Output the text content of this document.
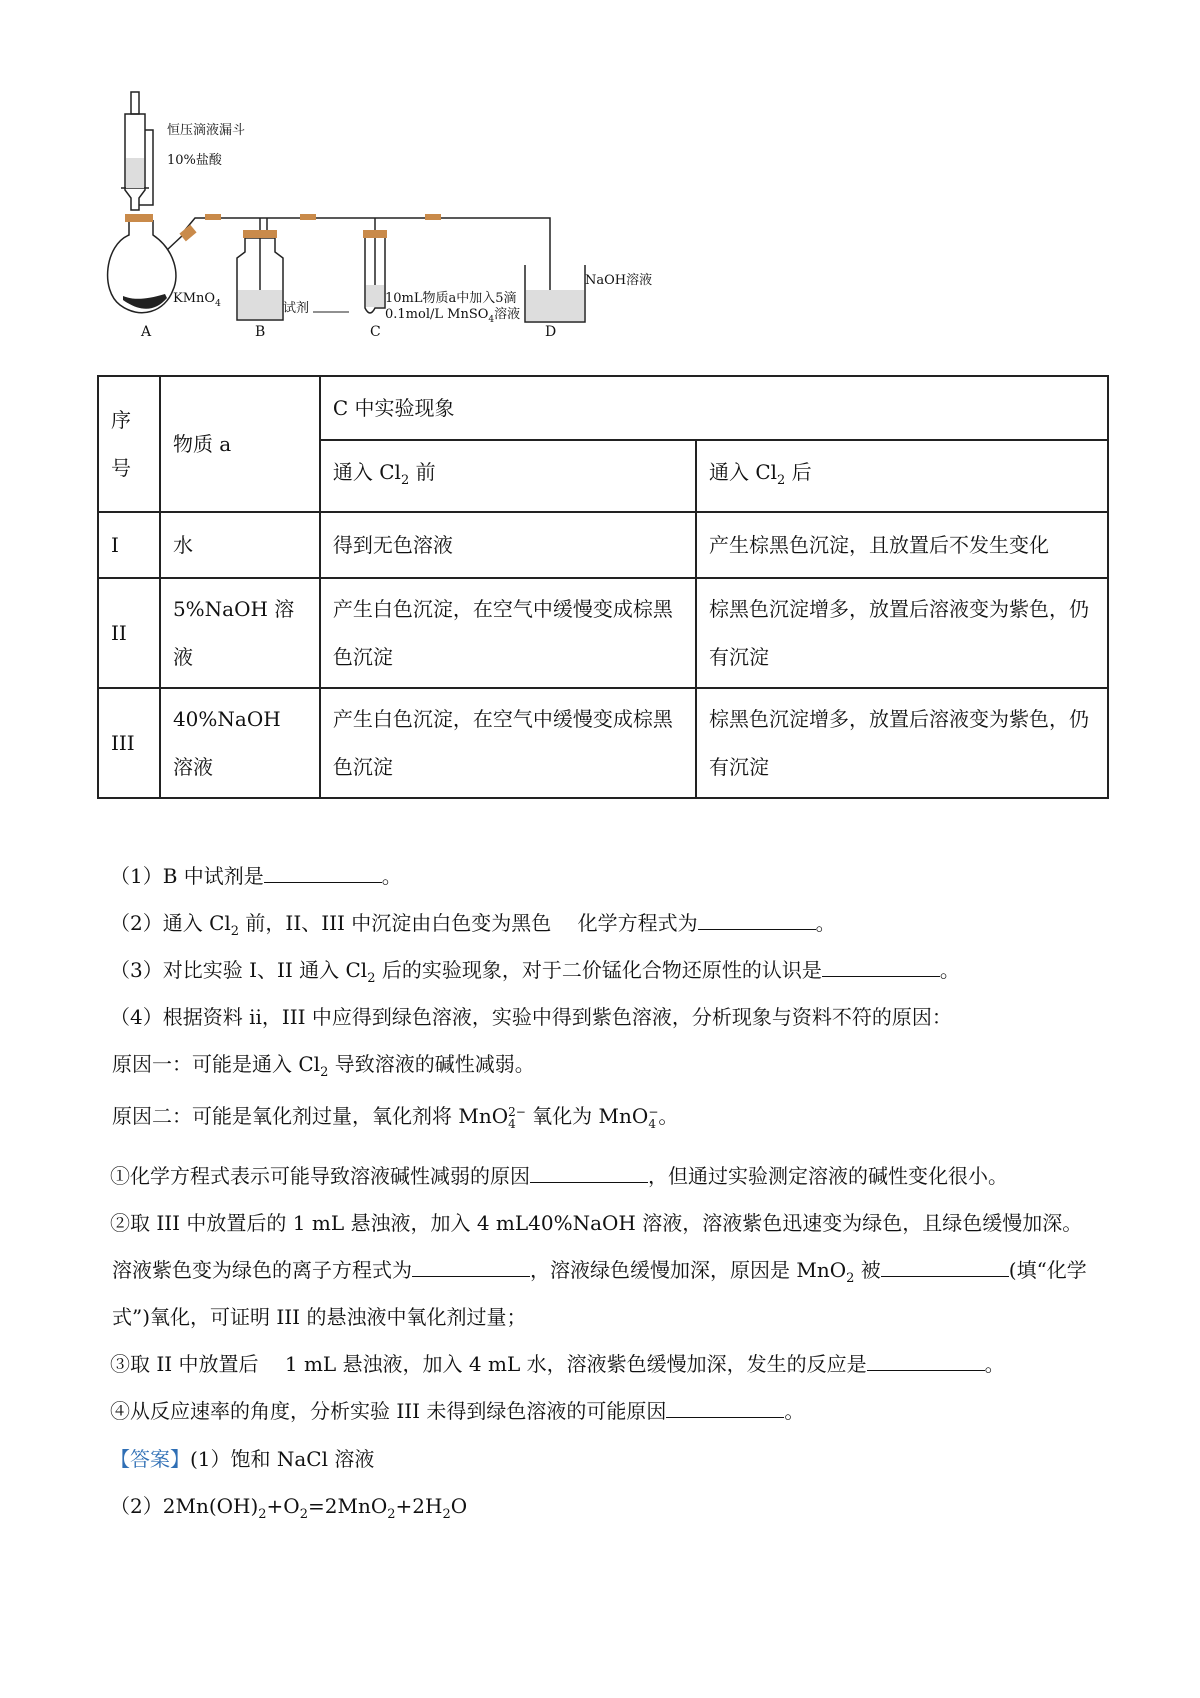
恒压滴液漏斗
10%盐酸
KMnO$_4$	试剂
10mL物质a中加入5滴
0.1mol/L MnSO$_4$溶液
NaOH溶液
A	B	C	D
序
号	物质 a	C 中实验现象	
		通入 $Cl_2$ 前	通入 $Cl_2$ 后
I	水	得到无色溶液	产生棕黑色沉淀，且放置后不发生变化
II	5%NaOH 溶液	产生白色沉淀，在空气中缓慢变成棕黑色沉淀	棕黑色沉淀增多，放置后溶液变为紫色，仍有沉淀
III	40%NaOH 溶液	产生白色沉淀，在空气中缓慢变成棕黑色沉淀	棕黑色沉淀增多，放置后溶液变为紫色，仍有沉淀
（1）B 中试剂是	。
（2）通入 $Cl_2$ 前，II、III 中沉淀由白色变为黑色 　化学方程式为	。
（3）对比实验 I、II 通入 $Cl_2$ 后的实验现象，对于二价锰化合物还原性的认识是	。
（4）根据资料 ii，III 中应得到绿色溶液，实验中得到紫色溶液，分析现象与资料不符的原因：
原因一：可能是通入 $Cl_2$ 导致溶液的碱性减弱。
原因二：可能是氧化剂过量，氧化剂将 MnO2−
4 氧化为 MnO−
4 。
①化学方程式表示可能导致溶液碱性减弱的原因	，但通过实验测定溶液的碱性变化很小。
②取 III 中放置后的 1 mL 悬浊液，加入 4 mL40%NaOH 溶液，溶液紫色迅速变为绿色，且绿色缓慢加深。
溶液紫色变为绿色的离子方程式为	，溶液绿色缓慢加深，原因是 MnO$_2$ 被	(填“化学
式”)氧化，可证明 III 的悬浊液中氧化剂过量；
③取 II 中放置后 　1 mL 悬浊液，加入 4 mL 水，溶液紫色缓慢加深，发生的反应是	。
④从反应速率的角度，分析实验 III 未得到绿色溶液的可能原因	。
【答案】(1）饱和 NaCl 溶液
$(2)2Mn(OH)_2+O_2=2MnO_2+2H_2O$
